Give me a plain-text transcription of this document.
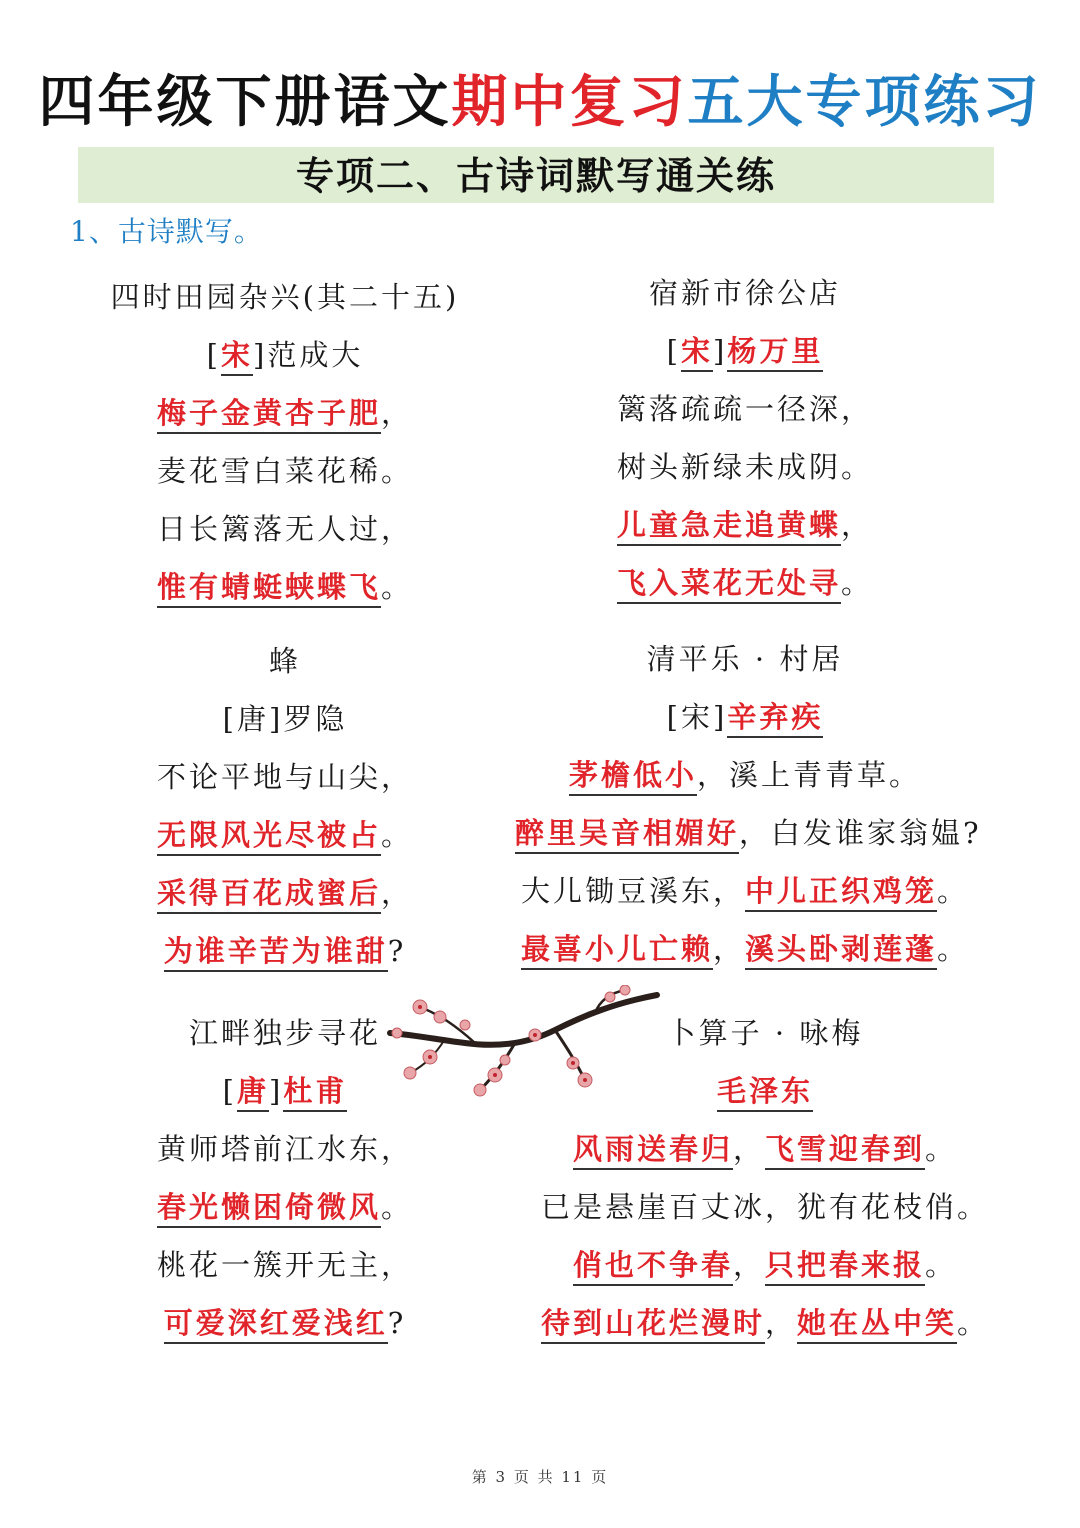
四年级下册语文期中复习五大专项练习
专项二、古诗词默写通关练
1、古诗默写。
四时田园杂兴(其二十五)
[宋]范成大
梅子金黄杏子肥，
麦花雪白菜花稀。
日长篱落无人过，
惟有蜻蜓蛱蝶飞。
宿新市徐公店
[宋]杨万里
篱落疏疏一径深，
树头新绿未成阴。
儿童急走追黄蝶，
飞入菜花无处寻。
蜂
[唐]罗隐
不论平地与山尖，
无限风光尽被占。
采得百花成蜜后，
为谁辛苦为谁甜?
清平乐 · 村居
[宋]辛弃疾
茅檐低小，溪上青青草。
醉里吴音相媚好，白发谁家翁媪?
大儿锄豆溪东，中儿正织鸡笼。
最喜小儿亡赖，溪头卧剥莲蓬。
江畔独步寻花
[唐]杜甫
黄师塔前江水东，
春光懒困倚微风。
桃花一簇开无主，
可爱深红爱浅红?
卜算子 · 咏梅
毛泽东
风雨送春归，飞雪迎春到。
已是悬崖百丈冰，犹有花枝俏。
俏也不争春，只把春来报。
待到山花烂漫时，她在丛中笑。
第 3 页 共 11 页
